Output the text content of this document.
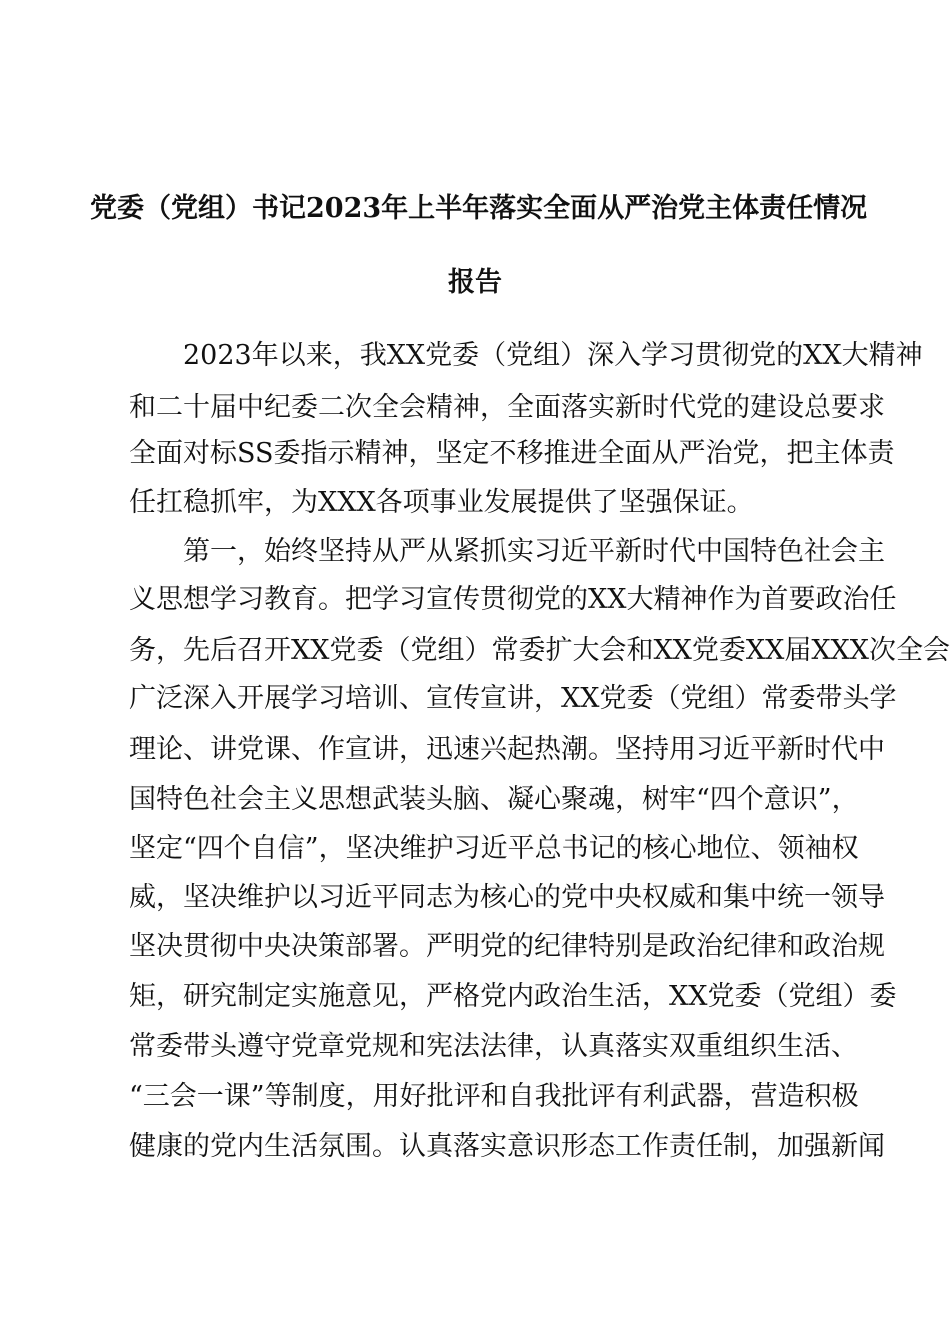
党委（党组）书记2023年上半年落实全面从严治党主体责任情况
报告
　　2023年以来，我XX党委（党组）深入学习贯彻党的XX大精神
和二十届中纪委二次全会精神，全面落实新时代党的建设总要求
全面对标SS委指示精神，坚定不移推进全面从严治党，把主体责
任扛稳抓牢，为XXX各项事业发展提供了坚强保证。
　　第一，始终坚持从严从紧抓实习近平新时代中国特色社会主
义思想学习教育。把学习宣传贯彻党的XX大精神作为首要政治任
务，先后召开XX党委（党组）常委扩大会和XX党委XX届XXX次全会
广泛深入开展学习培训、宣传宣讲，XX党委（党组）常委带头学
理论、讲党课、作宣讲，迅速兴起热潮。坚持用习近平新时代中
国特色社会主义思想武装头脑、凝心聚魂，树牢“四个意识”，
坚定“四个自信”，坚决维护习近平总书记的核心地位、领袖权
威，坚决维护以习近平同志为核心的党中央权威和集中统一领导
坚决贯彻中央决策部署。严明党的纪律特别是政治纪律和政治规
矩，研究制定实施意见，严格党内政治生活，XX党委（党组）委
常委带头遵守党章党规和宪法法律，认真落实双重组织生活、
“三会一课”等制度，用好批评和自我批评有利武器，营造积极
健康的党内生活氛围。认真落实意识形态工作责任制，加强新闻
